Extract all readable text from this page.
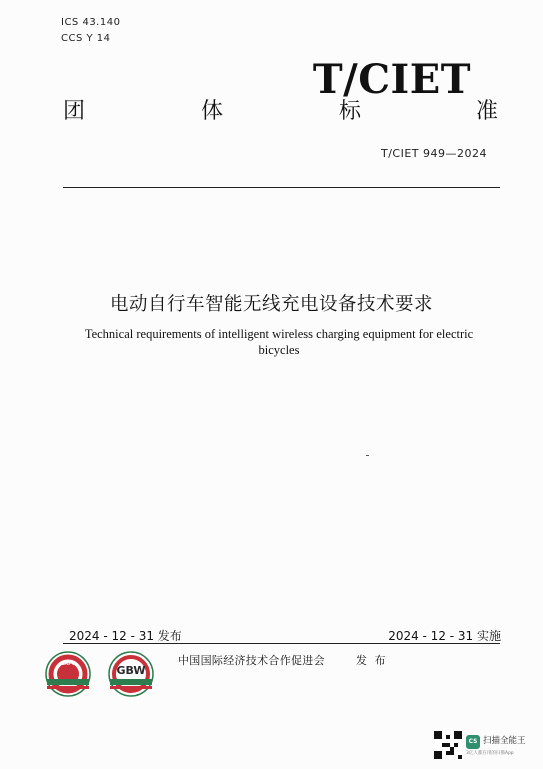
ICS 43.140
CCS Y 14
T/CIET
团	体	标	准
T/CIET 949—2024
电动自行车智能无线充电设备技术要求
Technical requirements of intelligent wireless charging equipment for electric bicycles
2024 - 12 - 31 发布	2024 - 12 - 31 实施
CAPC	GBW
中国国际经济技术合作促进会	发 布
CS 扫描全能王
3亿人都在用的扫描App
